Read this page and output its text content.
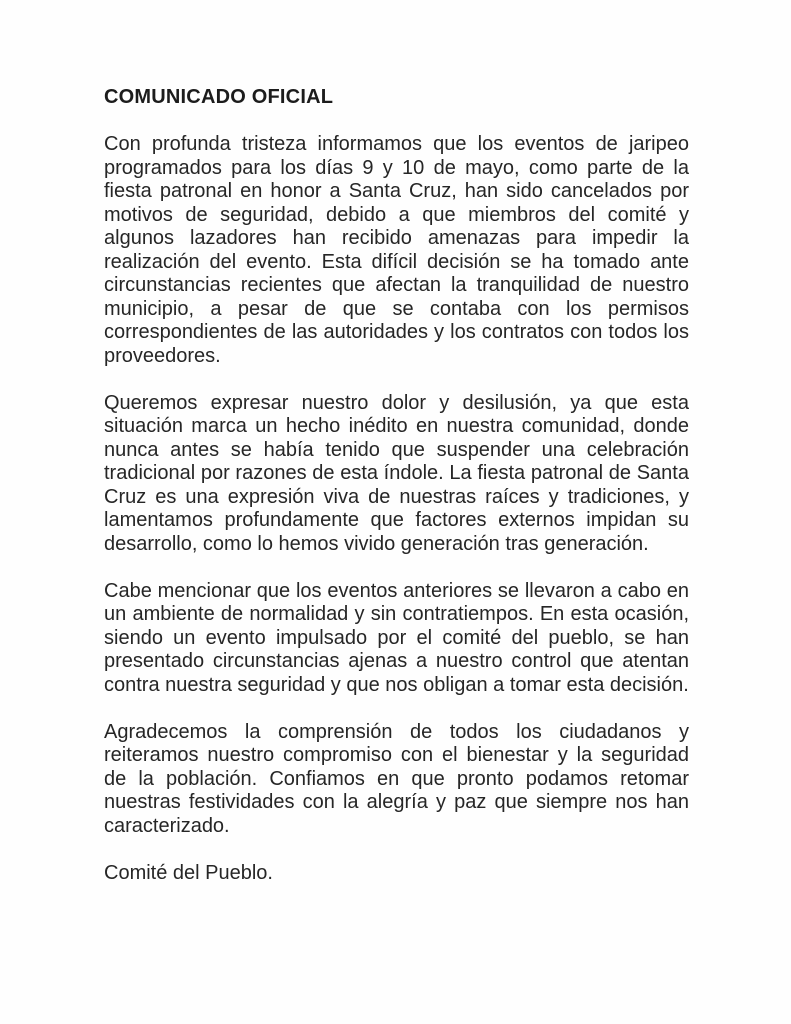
COMUNICADO OFICIAL

Con profunda tristeza informamos que los eventos de jaripeo programados para los días 9 y 10 de mayo, como parte de la fiesta patronal en honor a Santa Cruz, han sido cancelados por motivos de seguridad, debido a que miembros del comité y algunos lazadores han recibido amenazas para impedir la realización del evento. Esta difícil decisión se ha tomado ante circunstancias recientes que afectan la tranquilidad de nuestro municipio, a pesar de que se contaba con los permisos correspondientes de las autoridades y los contratos con todos los proveedores.

Queremos expresar nuestro dolor y desilusión, ya que esta situación marca un hecho inédito en nuestra comunidad, donde nunca antes se había tenido que suspender una celebración tradicional por razones de esta índole. La fiesta patronal de Santa Cruz es una expresión viva de nuestras raíces y tradiciones, y lamentamos profundamente que factores externos impidan su desarrollo, como lo hemos vivido generación tras generación.

Cabe mencionar que los eventos anteriores se llevaron a cabo en un ambiente de normalidad y sin contratiempos. En esta ocasión, siendo un evento impulsado por el comité del pueblo, se han presentado circunstancias ajenas a nuestro control que atentan contra nuestra seguridad y que nos obligan a tomar esta decisión.

Agradecemos la comprensión de todos los ciudadanos y reiteramos nuestro compromiso con el bienestar y la seguridad de la población. Confiamos en que pronto podamos retomar nuestras festividades con la alegría y paz que siempre nos han caracterizado.

Comité del Pueblo.
